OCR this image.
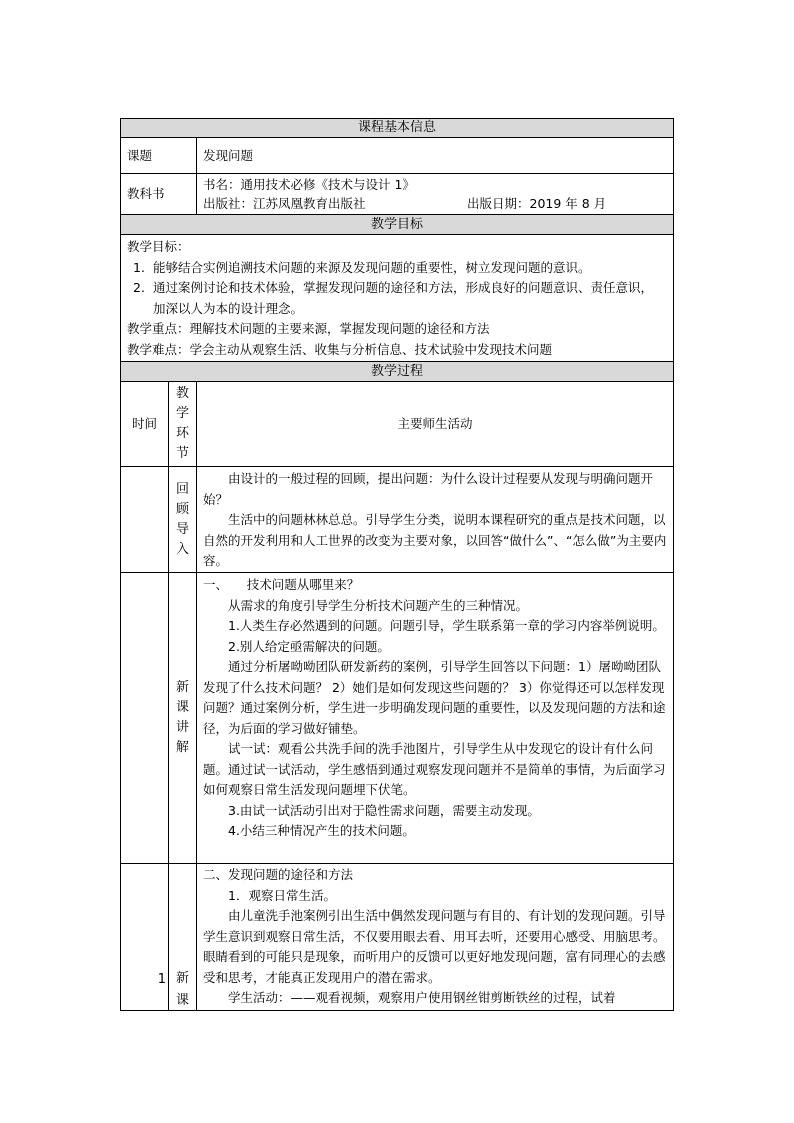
课程基本信息
课题	发现问题
教科书
书名：通用技术必修《技术与设计 1》
出版社：江苏凤凰教育出版社	出版日期：2019 年 8 月
教学目标

教学目标：

1. 能够结合实例追溯技术问题的来源及发现问题的重要性，树立发现问题的意识。
2. 通过案例讨论和技术体验，掌握发现问题的途径和方法，形成良好的问题意识、责任意识，加深以人为本的设计理念。

教学重点：理解技术问题的主要来源，掌握发现问题的途径和方法

教学难点：学会主动从观察生活、收集与分析信息、技术试验中发现技术问题

教学过程
时间
教
学
环
节
主要师生活动
回
顾
导
入

由设计的一般过程的回顾，提出问题：为什么设计过程要从发现与明确问题开始？

生活中的问题林林总总。引导学生分类，说明本课程研究的重点是技术问题，以自然的开发利用和人工世界的改变为主要对象，以回答“做什么”、“怎么做”为主要内容。

新
课
讲
解

一、　　技术问题从哪里来？

从需求的角度引导学生分析技术问题产生的三种情况。

1.人类生存必然遇到的问题。问题引导，学生联系第一章的学习内容举例说明。

2.别人给定亟需解决的问题。

通过分析屠呦呦团队研发新药的案例，引导学生回答以下问题：1）屠呦呦团队发现了什么技术问题？ 2）她们是如何发现这些问题的？ 3）你觉得还可以怎样发现问题？通过案例分析，学生进一步明确发现问题的重要性，以及发现问题的方法和途径，为后面的学习做好铺垫。

试一试：观看公共洗手间的洗手池图片，引导学生从中发现它的设计有什么问题。通过试一试活动，学生感悟到通过观察发现问题并不是简单的事情，为后面学习如何观察日常生活发现问题埋下伏笔。

3.由试一试活动引出对于隐性需求问题，需要主动发现。

4.小结三种情况产生的技术问题。

1 新
课

二、发现问题的途径和方法

1．观察日常生活。

由儿童洗手池案例引出生活中偶然发现问题与有目的、有计划的发现问题。引导学生意识到观察日常生活，不仅要用眼去看、用耳去听，还要用心感受、用脑思考。眼睛看到的可能只是现象，而听用户的反馈可以更好地发现问题，富有同理心的去感受和思考，才能真正发现用户的潜在需求。

学生活动：——观看视频，观察用户使用钢丝钳剪断铁丝的过程，试着
